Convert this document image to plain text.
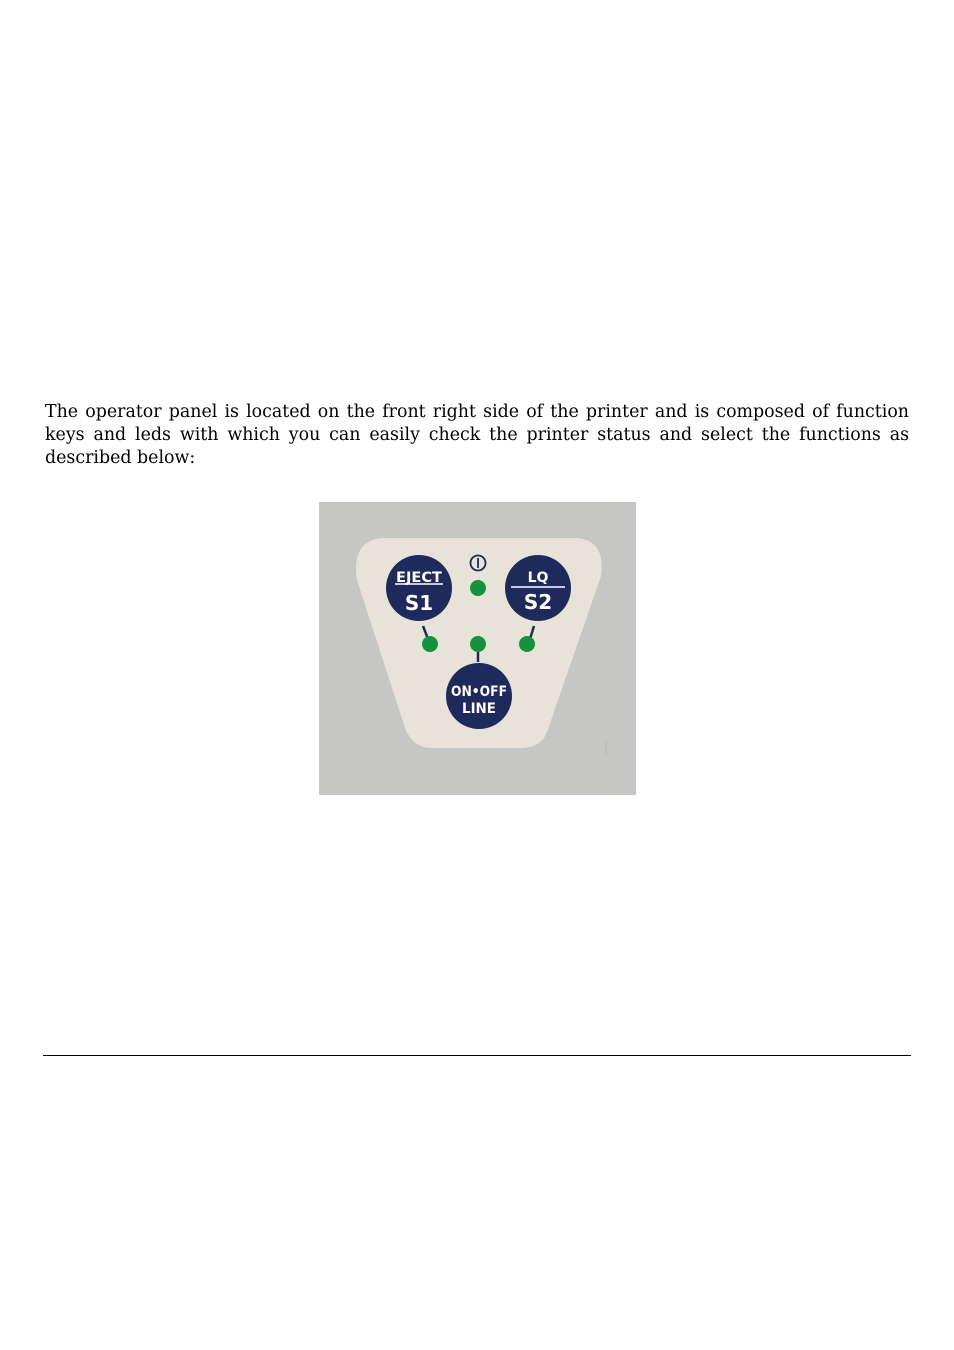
The operator panel is located on the front right side of the printer and is composed of function keys and leds with which you can easily check the printer status and select the functions as described below:

EJECT
S1
LQ
S2
ON•OFF
LINE
